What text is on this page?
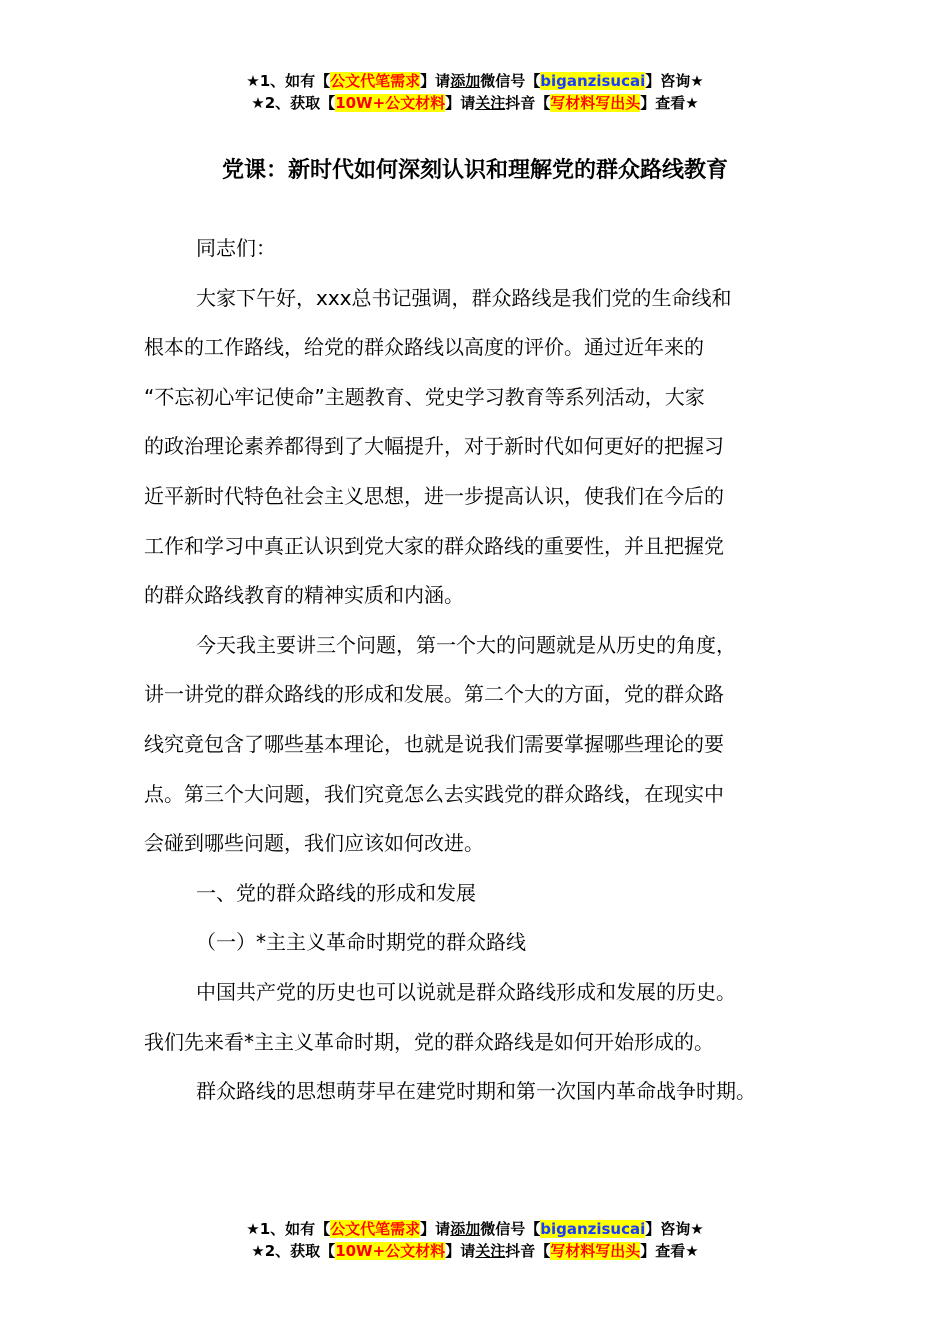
★1、如有【公文代笔需求】请添加微信号【biganzisucai】咨询★
★2、获取【10W+公文材料】请关注抖音【写材料写出头】查看★
党课：新时代如何深刻认识和理解党的群众路线教育

同志们：

大家下午好，xxx总书记强调，群众路线是我们党的生命线和

根本的工作路线，给党的群众路线以高度的评价。通过近年来的

“不忘初心牢记使命”主题教育、党史学习教育等系列活动，大家

的政治理论素养都得到了大幅提升，对于新时代如何更好的把握习

近平新时代特色社会主义思想，进一步提高认识，使我们在今后的

工作和学习中真正认识到党大家的群众路线的重要性，并且把握党

的群众路线教育的精神实质和内涵。

今天我主要讲三个问题，第一个大的问题就是从历史的角度，

讲一讲党的群众路线的形成和发展。第二个大的方面，党的群众路

线究竟包含了哪些基本理论，也就是说我们需要掌握哪些理论的要

点。第三个大问题，我们究竟怎么去实践党的群众路线，在现实中

会碰到哪些问题，我们应该如何改进。

一、党的群众路线的形成和发展

（一）*主主义革命时期党的群众路线

中国共产党的历史也可以说就是群众路线形成和发展的历史。

我们先来看*主主义革命时期，党的群众路线是如何开始形成的。

群众路线的思想萌芽早在建党时期和第一次国内革命战争时期。

★1、如有【公文代笔需求】请添加微信号【biganzisucai】咨询★
★2、获取【10W+公文材料】请关注抖音【写材料写出头】查看★
